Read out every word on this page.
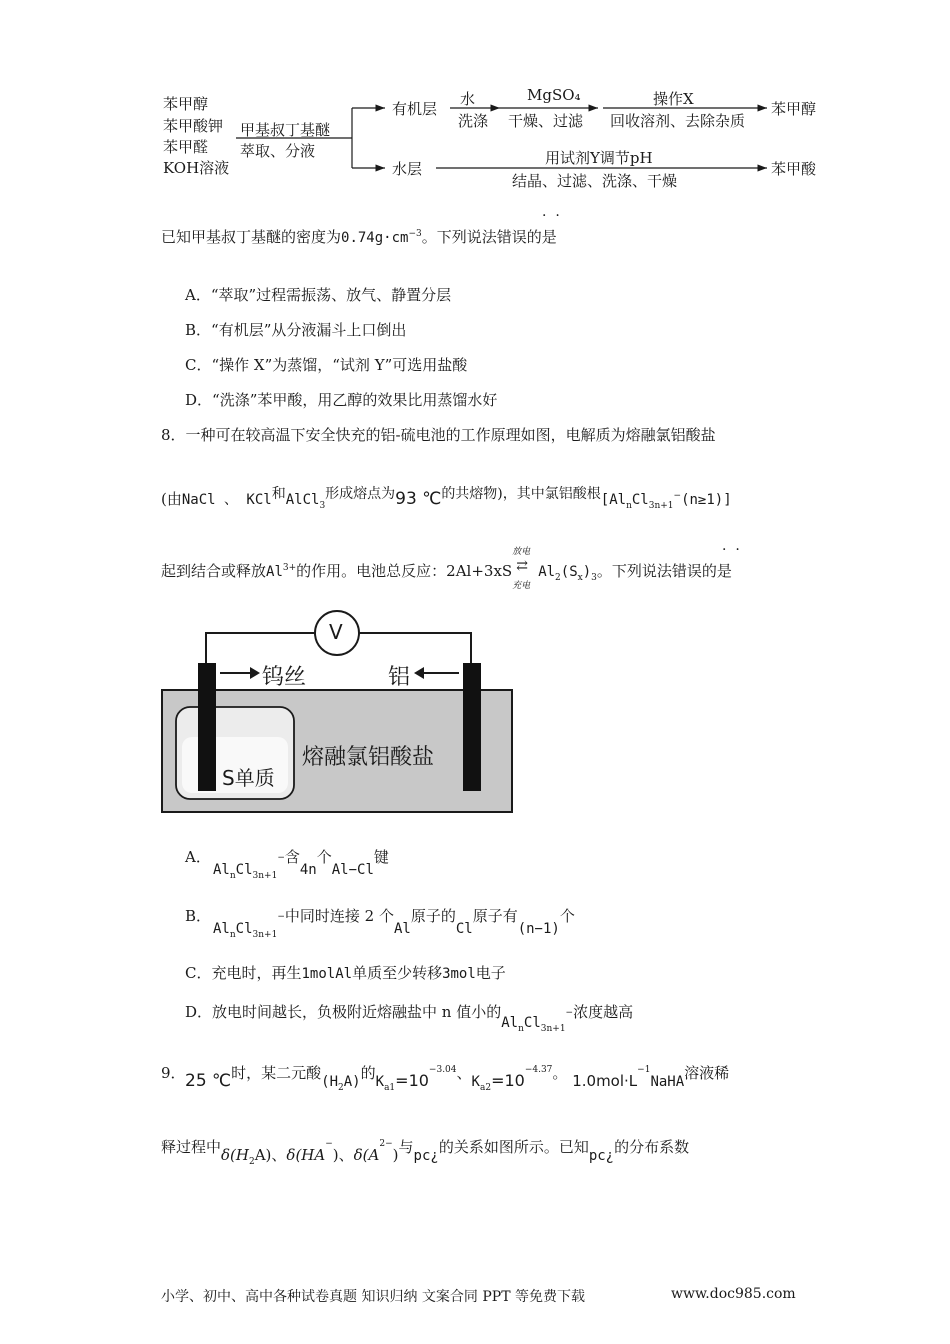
苯甲醇
苯甲酸钾
苯甲醛
KOH溶液
甲基叔丁基醚
萃取、分液
有机层
水层
水
洗涤
MgSO₄
干燥、过滤
操作X
回收溶剂、去除杂质
苯甲醇
用试剂Y调节pH
结晶、过滤、洗涤、干燥
苯甲酸
已知甲基叔丁基醚的密度为$0.74g\cdot cm^{-3}$。下列说法错误的是
·  ·
A．“萃取”过程需振荡、放气、静置分层
B．“有机层”从分液漏斗上口倒出
C．“操作 X”为蒸馏，“试剂 Y”可选用盐酸
D．“洗涤”苯甲酸，用乙醇的效果比用蒸馏水好
8．一种可在较高温下安全快充的铝-硫电池的工作原理如图，电解质为熔融氯铝酸盐
(由NaCl 、 KCl$^和$AlCl$_3^{形成熔点为}$93 $℃^{的共熔物),其中氯铝酸根}[Al_nCl_{3n+1}^-(n\ge 1)]$
起到结合或释放$Al^{3+}$的作用。电池总反应：2Al+3xS
放电
⇄
充电
$Al_2(S_x)_3$。下列说法错误的是
·  ·
V
钨丝	铝
S单质
熔融氯铝酸盐
A．
$Al_nCl_{3n+1}^-$含4n个Al−Cl键
B．
$Al_nCl_{3n+1}^-$中同时连接 2 个Al原子的Cl原子有(n−1)个
C．充电时，再生1molAl单质至少转移3mol电子
D．放电时间越长，负极附近熔融盐中 n 值小的$Al_nCl_{3n+1}^-$浓度越高
9． 25 ℃时，某二元酸$(H_2A)$的$K_{a1}=10^{-3.04}$、$K_{a2}=10^{-4.37}$。 $1.0mol\cdot L^{-1}NaHA$溶液稀
释过程中$\delta(H_2A)$、δ(HA−)、$\delta(A^{2-})$与pc¿的关系如图所示。已知pc¿的分布系数
小学、初中、高中各种试卷真题 知识归纳 文案合同 PPT 等免费下载	www.doc985.com
